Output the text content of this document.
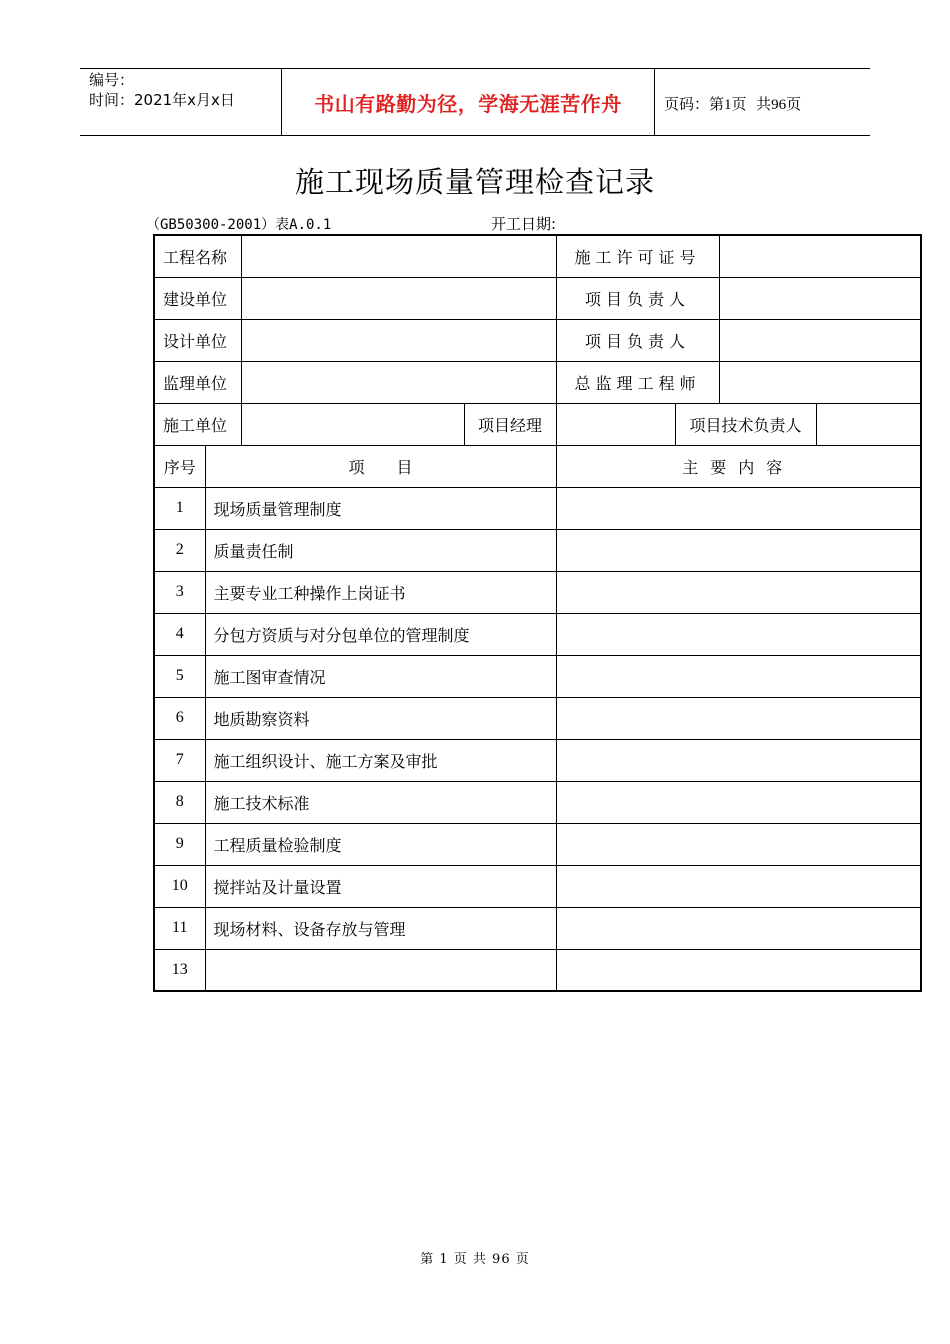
编号：
时间：2021年x月x日	书山有路勤为径，学海无涯苦作舟	页码：第1页  共96页
施工现场质量管理检查记录
（GB50300-2001）表A.0.1	开工日期:
工程名称				施工许可证号			
建设单位				项目负责人			
设计单位				项目负责人			
监理单位				总监理工程师			
施工单位			项目经理		项目技术负责人		
序号	项　　目			主要内容			
1	现场质量管理制度						
2	质量责任制						
3	主要专业工种操作上岗证书						
4	分包方资质与对分包单位的管理制度						
5	施工图审查情况						
6	地质勘察资料						
7	施工组织设计、施工方案及审批						
8	施工技术标准						
9	工程质量检验制度						
10	搅拌站及计量设置						
11	现场材料、设备存放与管理						
13							
第 1 页 共 96 页
